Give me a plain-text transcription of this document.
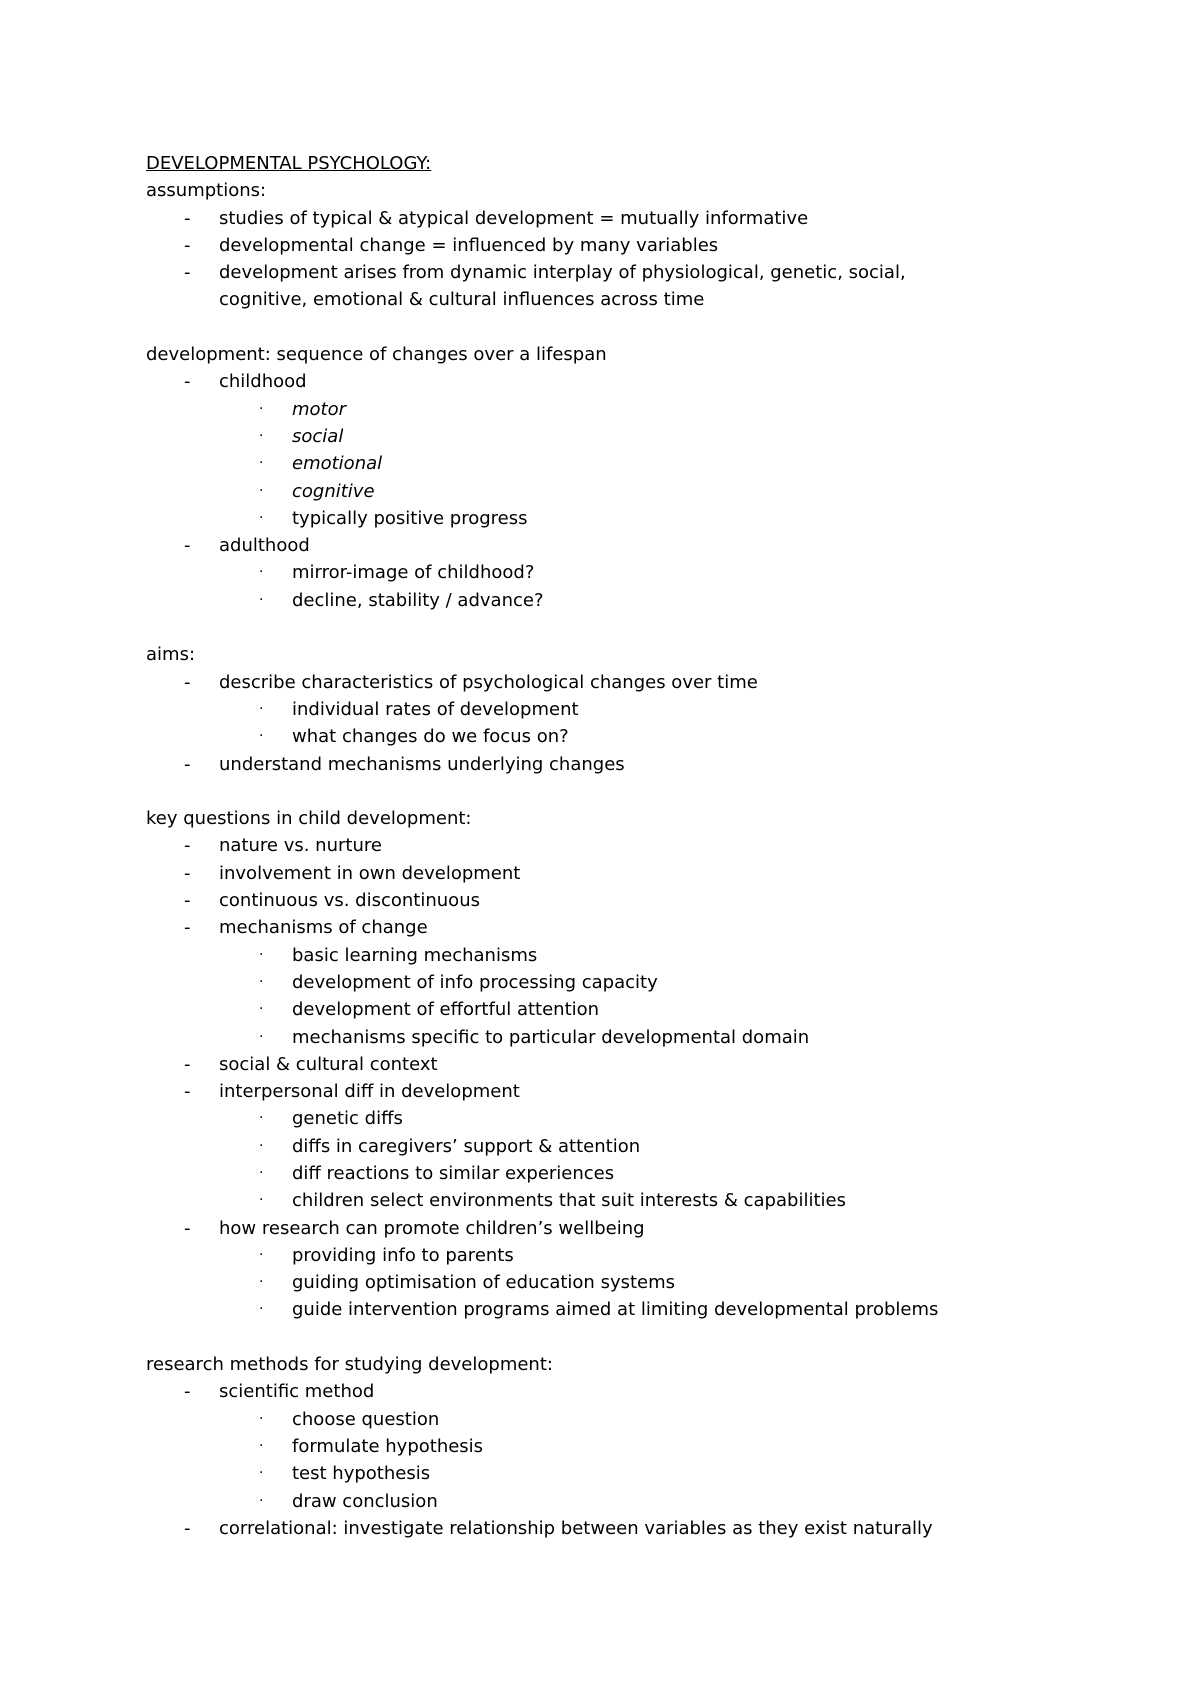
DEVELOPMENTAL PSYCHOLOGY:
assumptions:
- studies of typical & atypical development = mutually informative
- developmental change = influenced by many variables
- development arises from dynamic interplay of physiological, genetic, social,
cognitive, emotional & cultural influences across time
development: sequence of changes over a lifespan
- childhood
· motor
· social
· emotional
· cognitive
· typically positive progress
- adulthood
· mirror-image of childhood?
· decline, stability / advance?
aims:
- describe characteristics of psychological changes over time
· individual rates of development
· what changes do we focus on?
- understand mechanisms underlying changes
key questions in child development:
- nature vs. nurture
- involvement in own development
- continuous vs. discontinuous
- mechanisms of change
· basic learning mechanisms
· development of info processing capacity
· development of effortful attention
· mechanisms specific to particular developmental domain
- social & cultural context
- interpersonal diff in development
· genetic diffs
· diffs in caregivers’ support & attention
· diff reactions to similar experiences
· children select environments that suit interests & capabilities
- how research can promote children’s wellbeing
· providing info to parents
· guiding optimisation of education systems
· guide intervention programs aimed at limiting developmental problems
research methods for studying development:
- scientific method
· choose question
· formulate hypothesis
· test hypothesis
· draw conclusion
- correlational: investigate relationship between variables as they exist naturally
